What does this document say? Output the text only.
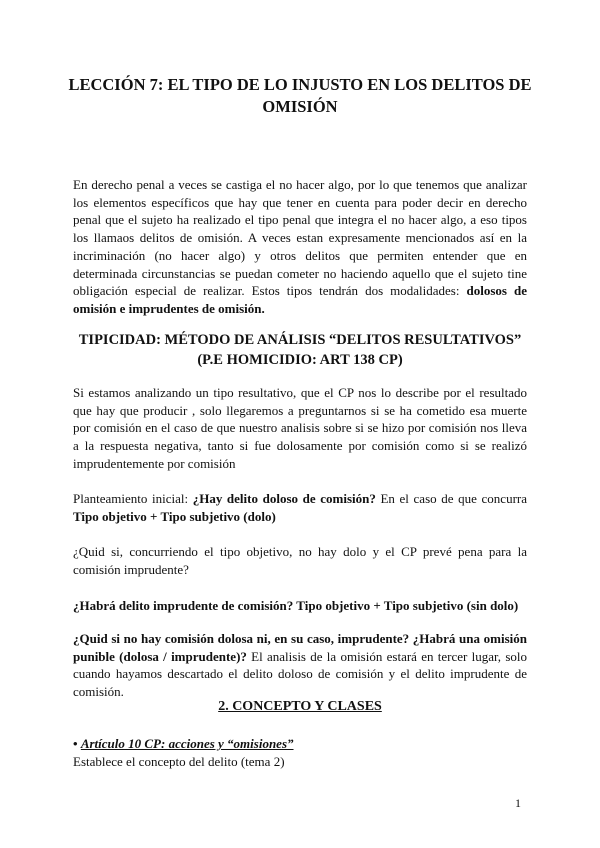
LECCIÓN 7: EL TIPO DE LO INJUSTO EN LOS DELITOS DE OMISIÓN
En derecho penal a veces se castiga el no hacer algo, por lo que tenemos que analizar los elementos específicos que hay que tener en cuenta para poder decir en derecho penal que el sujeto ha realizado el tipo penal que integra el no hacer algo, a eso tipos los llamaos delitos de omisión. A veces estan expresamente mencionados así en la incriminación (no hacer algo) y otros delitos que permiten entender que en determinada circunstancias se puedan cometer no haciendo aquello que el sujeto tine obligación especial de realizar. Estos tipos tendrán dos modalidades: dolosos de omisión e imprudentes de omisión.
TIPICIDAD: MÉTODO DE ANÁLISIS “DELITOS RESULTATIVOS”
(P.E HOMICIDIO: ART 138 CP)
Si estamos analizando un tipo resultativo, que el CP nos lo describe por el resultado que hay que producir , solo llegaremos a preguntarnos si se ha cometido esa muerte por comisión en el caso de que nuestro analisis sobre si se hizo por comisión nos lleva a la respuesta negativa, tanto si fue dolosamente por comisión como si se realizó imprudentemente por comisión
Planteamiento inicial: ¿Hay delito doloso de comisión? En el caso de que concurra Tipo objetivo + Tipo subjetivo (dolo)
¿Quid si, concurriendo el tipo objetivo, no hay dolo y el CP prevé pena para la comisión imprudente?
¿Habrá delito imprudente de comisión? Tipo objetivo + Tipo subjetivo (sin dolo)
¿Quid si no hay comisión dolosa ni, en su caso, imprudente? ¿Habrá una omisión punible (dolosa / imprudente)? El analisis de la omisión estará en tercer lugar, solo cuando hayamos descartado el delito doloso de comisión y el delito imprudente de comisión.
2. CONCEPTO Y CLASES
• Artículo 10 CP: acciones y “omisiones”
Establece el concepto del delito (tema 2)
1
